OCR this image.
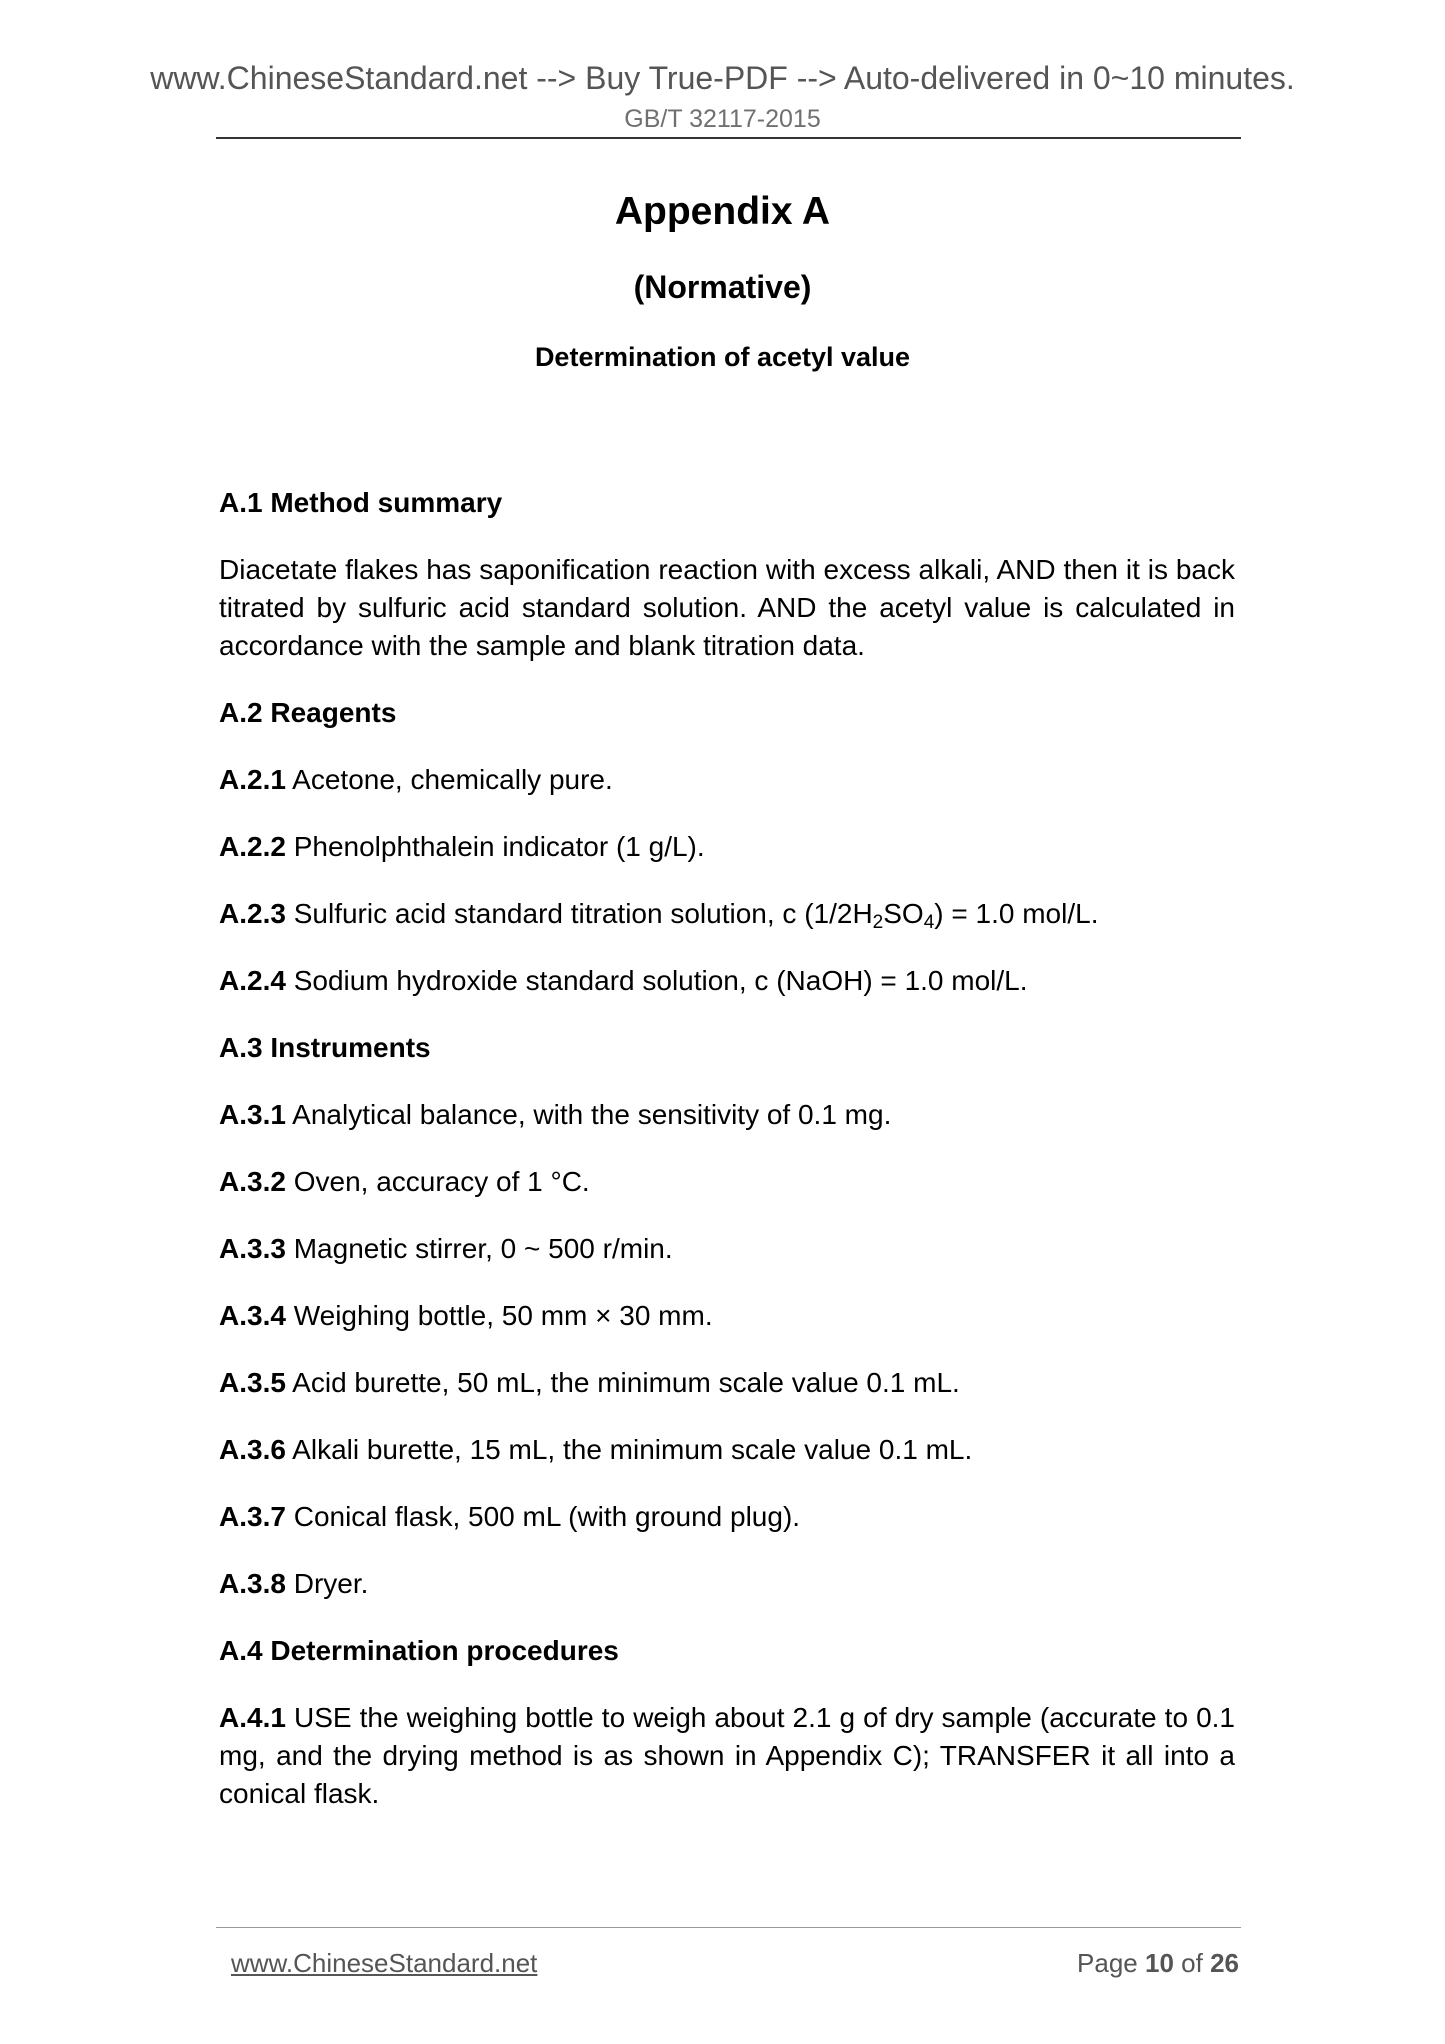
www.ChineseStandard.net --> Buy True-PDF --> Auto-delivered in 0~10 minutes.
GB/T 32117-2015
Appendix A
(Normative)
Determination of acetyl value
A.1 Method summary
Diacetate flakes has saponification reaction with excess alkali, AND then it is back titrated by sulfuric acid standard solution. AND the acetyl value is calculated in accordance with the sample and blank titration data.
A.2 Reagents
A.2.1 Acetone, chemically pure.
A.2.2 Phenolphthalein indicator (1 g/L).
A.2.3 Sulfuric acid standard titration solution, c $(1/2H_2SO_4) = 1.0$ mol/L.
A.2.4 Sodium hydroxide standard solution, c (NaOH) = 1.0 mol/L.
A.3 Instruments
A.3.1 Analytical balance, with the sensitivity of 0.1 mg.
A.3.2 Oven, accuracy of 1 °C.
A.3.3 Magnetic stirrer, 0 ~ 500 r/min.
A.3.4 Weighing bottle, 50 mm × 30 mm.
A.3.5 Acid burette, 50 mL, the minimum scale value 0.1 mL.
A.3.6 Alkali burette, 15 mL, the minimum scale value 0.1 mL.
A.3.7 Conical flask, 500 mL (with ground plug).
A.3.8 Dryer.
A.4 Determination procedures
A.4.1 USE the weighing bottle to weigh about 2.1 g of dry sample (accurate to 0.1 mg, and the drying method is as shown in Appendix C); TRANSFER it all into a conical flask.
www.ChineseStandard.net	Page 10 of 26
